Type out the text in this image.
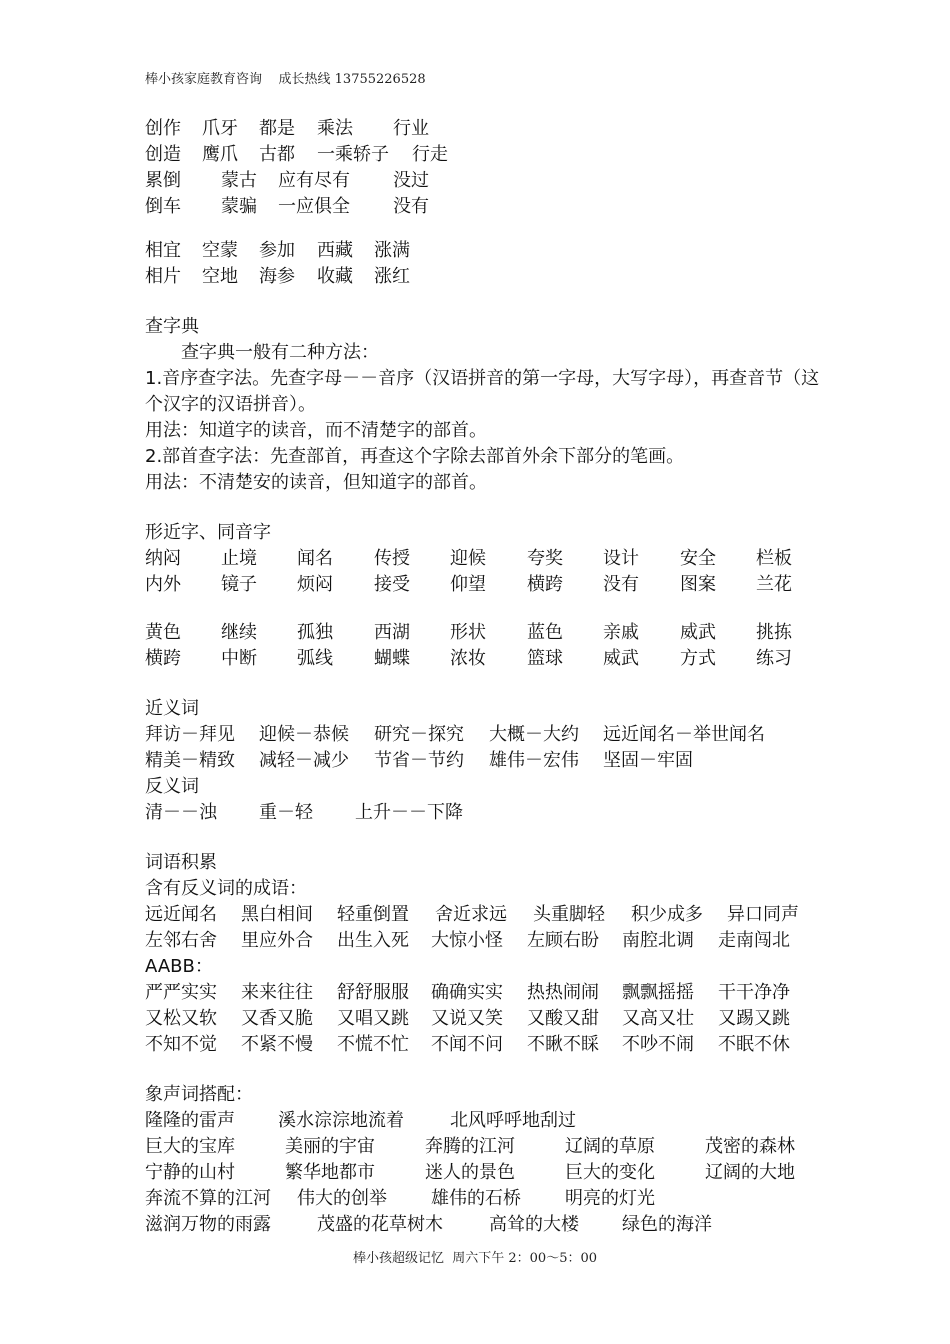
棒小孩家庭教育咨询    成长热线 13755226528
创作 爪牙 都是 乘法 行业
创造 鹰爪 古都 一乘轿子 行走
累倒 蒙古 应有尽有 没过
倒车 蒙骗 一应俱全 没有
相宜 空蒙 参加 西藏 涨满
相片 空地 海参 收藏 涨红
查字典
查字典一般有二种方法：
1.音序查字法。先查字母－－音序（汉语拼音的第一字母，大写字母），再查音节（这个汉字的汉语拼音）。
用法：知道字的读音，而不清楚字的部首。
2.部首查字法：先查部首，再查这个字除去部首外余下部分的笔画。
用法：不清楚安的读音，但知道字的部首。
形近字、同音字
纳闷 止境 闻名 传授 迎候 夸奖 设计 安全 栏板
内外 镜子 烦闷 接受 仰望 横跨 没有 图案 兰花
黄色 继续 孤独 西湖 形状 蓝色 亲戚 威武 挑拣
横跨 中断 弧线 蝴蝶 浓妆 篮球 威武 方式 练习
近义词
拜访－拜见 迎候－恭候 研究－探究 大概－大约 远近闻名－举世闻名
精美－精致 减轻－减少 节省－节约 雄伟－宏伟 坚固－牢固
反义词
清－－浊 重－轻 上升－－下降
词语积累
含有反义词的成语：
远近闻名 黑白相间 轻重倒置 舍近求远 头重脚轻 积少成多 异口同声
左邻右舍 里应外合 出生入死 大惊小怪 左顾右盼 南腔北调 走南闯北
AABB：
严严实实 来来往往 舒舒服服 确确实实 热热闹闹 飘飘摇摇 干干净净
又松又软 又香又脆 又唱又跳 又说又笑 又酸又甜 又高又壮 又踢又跳
不知不觉 不紧不慢 不慌不忙 不闻不问 不瞅不睬 不吵不闹 不眠不休
象声词搭配：
隆隆的雷声 溪水淙淙地流着	北风呼呼地刮过
巨大的宝库	美丽的宇宙	奔腾的江河	辽阔的草原	茂密的森林
宁静的山村	繁华地都市	迷人的景色	巨大的变化	辽阔的大地
奔流不算的江河 伟大的创举 雄伟的石桥 明亮的灯光
滋润万物的雨露	茂盛的花草树木	高耸的大楼 绿色的海洋
棒小孩超级记忆  周六下午 2：00～5：00
